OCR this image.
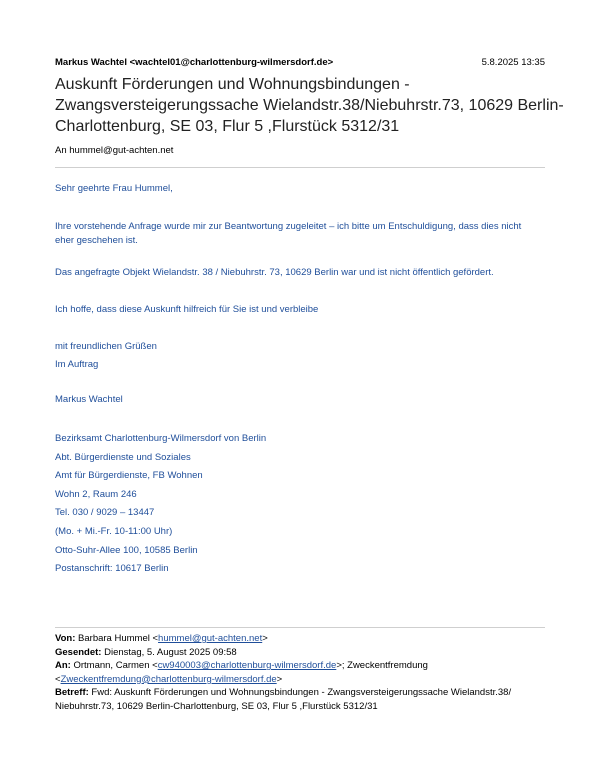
Markus Wachtel <wachtel01@charlottenburg-wilmersdorf.de>	5.8.2025 13:35
Auskunft Förderungen und Wohnungsbindungen -
Zwangsversteigerungssache Wielandstr.38/Niebuhrstr.73, 10629 Berlin-
Charlottenburg, SE 03, Flur 5 ,Flurstück 5312/31
An hummel@gut-achten.net
Sehr geehrte Frau Hummel,
Ihre vorstehende Anfrage wurde mir zur Beantwortung zugeleitet – ich bitte um Entschuldigung, dass dies nicht
eher geschehen ist.
Das angefragte Objekt Wielandstr. 38 / Niebuhrstr. 73, 10629 Berlin war und ist nicht öffentlich gefördert.
Ich hoffe, dass diese Auskunft hilfreich für Sie ist und verbleibe
mit freundlichen Grüßen
Im Auftrag
Markus Wachtel
Bezirksamt Charlottenburg-Wilmersdorf von Berlin
Abt. Bürgerdienste und Soziales
Amt für Bürgerdienste, FB Wohnen
Wohn 2, Raum 246
Tel. 030 / 9029 – 13447
(Mo. + Mi.-Fr. 10-11:00 Uhr)
Otto-Suhr-Allee 100, 10585 Berlin
Postanschrift: 10617 Berlin
Von: Barbara Hummel <hummel@gut-achten.net>
Gesendet: Dienstag, 5. August 2025 09:58
An: Ortmann, Carmen <cw940003@charlottenburg-wilmersdorf.de>; Zweckentfremdung
<Zweckentfremdung@charlottenburg-wilmersdorf.de>
Betreff: Fwd: Auskunft Förderungen und Wohnungsbindungen - Zwangsversteigerungssache Wielandstr.38/
Niebuhrstr.73, 10629 Berlin-Charlottenburg, SE 03, Flur 5 ,Flurstück 5312/31
